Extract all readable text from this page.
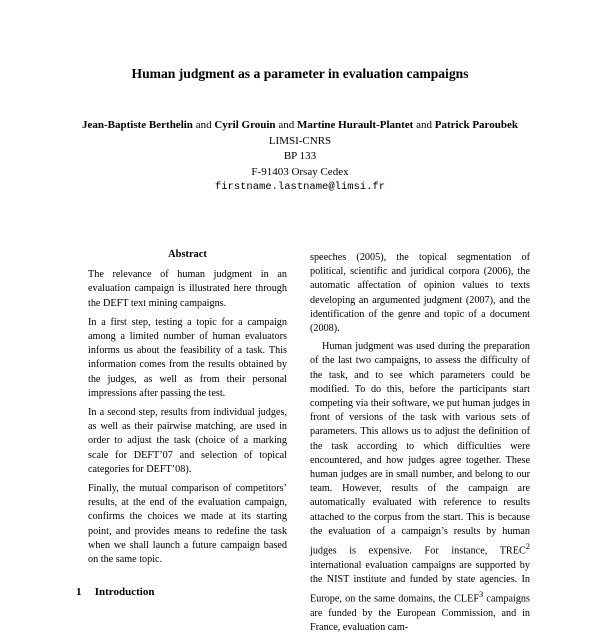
Human judgment as a parameter in evaluation campaigns
Jean-Baptiste Berthelin and Cyril Grouin and Martine Hurault-Plantet and Patrick Paroubek
LIMSI-CNRS
BP 133
F-91403 Orsay Cedex
firstname.lastname@limsi.fr
Abstract

The relevance of human judgment in an evaluation campaign is illustrated here through the DEFT text mining campaigns.

In a first step, testing a topic for a campaign among a limited number of human evaluators informs us about the feasibility of a task. This information comes from the results obtained by the judges, as well as from their personal impressions after passing the test.

In a second step, results from individual judges, as well as their pairwise matching, are used in order to adjust the task (choice of a marking scale for DEFT’07 and selection of topical categories for DEFT’08).

Finally, the mutual comparison of competitors’ results, at the end of the evaluation campaign, confirms the choices we made at its starting point, and provides means to redefine the task when we shall launch a future campaign based on the same topic.

1 Introduction

speeches (2005), the topical segmentation of political, scientific and juridical corpora (2006), the automatic affectation of opinion values to texts developing an argumented judgment (2007), and the identification of the genre and topic of a document (2008).

Human judgment was used during the preparation of the last two campaigns, to assess the difficulty of the task, and to see which parameters could be modified. To do this, before the participants start competing via their software, we put human judges in front of versions of the task with various sets of parameters. This allows us to adjust the definition of the task according to which difficulties were encountered, and how judges agree together. These human judges are in small number, and belong to our team. However, results of the campaign are automatically evaluated with reference to results attached to the corpus from the start. This is because the evaluation of a campaign’s results by human judges is expensive. For instance, TREC$^2$ international evaluation campaigns are supported by the NIST institute and funded by state agencies. In Europe, on the same domains, the CLEF$^3$ campaigns are funded by the European Commission, and in France, evaluation cam-
